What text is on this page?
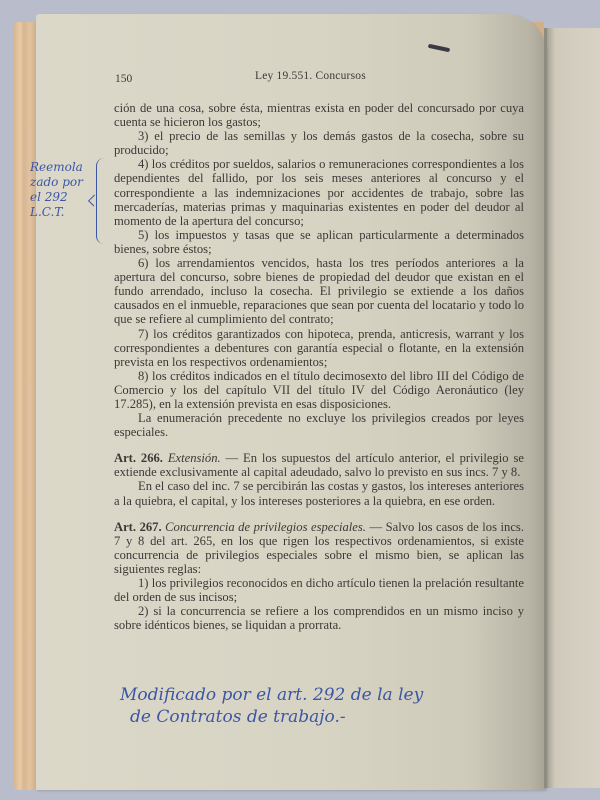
150	Ley 19.551. Concursos

ción de una cosa, sobre ésta, mientras exista en poder del concursado por cuya cuenta se hicieron los gastos;

3) el precio de las semillas y los demás gastos de la cosecha, sobre su producido;

4) los créditos por sueldos, salarios o remuneraciones correspondientes a los dependientes del fallido, por los seis meses anteriores al concurso y el correspondiente a las indemnizaciones por accidentes de trabajo, sobre las mercaderías, materias primas y maquinarias existentes en poder del deudor al momento de la apertura del concurso;

5) los impuestos y tasas que se aplican particularmente a determinados bienes, sobre éstos;

6) los arrendamientos vencidos, hasta los tres períodos anteriores a la apertura del concurso, sobre bienes de propiedad del deudor que existan en el fundo arrendado, incluso la cosecha. El privilegio se extiende a los daños causados en el inmueble, reparaciones que sean por cuenta del locatario y todo lo que se refiere al cumplimiento del contrato;

7) los créditos garantizados con hipoteca, prenda, anticresis, warrant y los correspondientes a debentures con garantía especial o flotante, en la extensión prevista en los respectivos ordenamientos;

8) los créditos indicados en el título decimosexto del libro III del Código de Comercio y los del capítulo VII del título IV del Código Aeronáutico (ley 17.285), en la extensión prevista en esas disposiciones.

La enumeración precedente no excluye los privilegios creados por leyes especiales.

Art. 266. Extensión. — En los supuestos del artículo anterior, el privilegio se extiende exclusivamente al capital adeudado, salvo lo previsto en sus incs. 7 y 8.

En el caso del inc. 7 se percibirán las costas y gastos, los intereses anteriores a la quiebra, el capital, y los intereses posteriores a la quiebra, en ese orden.

Art. 267. Concurrencia de privilegios especiales. — Salvo los casos de los incs. 7 y 8 del art. 265, en los que rigen los respectivos ordenamientos, si existe concurrencia de privilegios especiales sobre el mismo bien, se aplican las siguientes reglas:

1) los privilegios reconocidos en dicho artículo tienen la prelación resultante del orden de sus incisos;

2) si la concurrencia se refiere a los comprendidos en un mismo inciso y sobre idénticos bienes, se liquidan a prorrata.

Reemola
zado por
el 292
L.C.T.
Modificado por el art. 292 de la ley
de Contratos de trabajo.-
